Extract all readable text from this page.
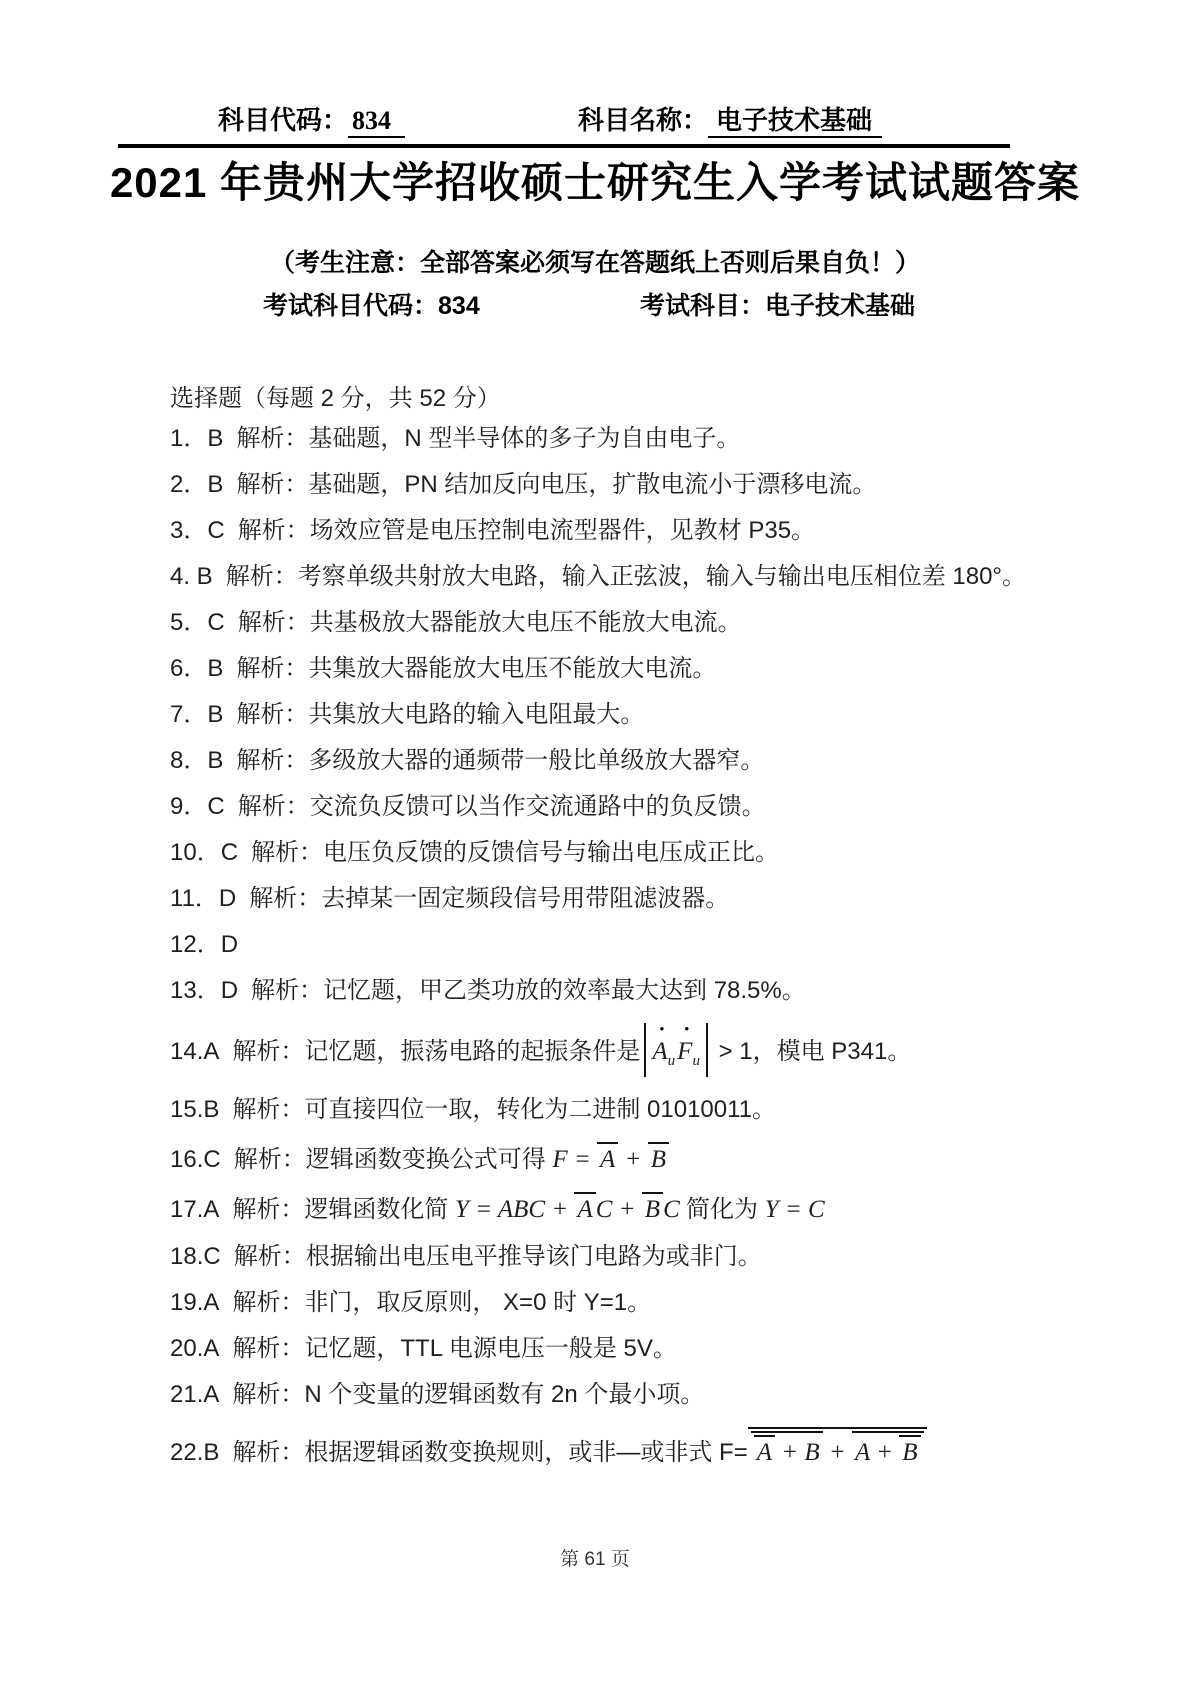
科目代码： 834	科目名称： 电子技术基础
2021 年贵州大学招收硕士研究生入学考试试题答案
（考生注意：全部答案必须写在答题纸上否则后果自负！）
考试科目代码：834	考试科目：电子技术基础
选择题（每题 2 分，共 52 分）
1．B 解析：基础题，N 型半导体的多子为自由电子。
2．B 解析：基础题，PN 结加反向电压，扩散电流小于漂移电流。
3．C 解析：场效应管是电压控制电流型器件，见教材 P35。
4. B 解析：考察单级共射放大电路，输入正弦波，输入与输出电压相位差 180°。
5．C 解析：共基极放大器能放大电压不能放大电流。
6．B 解析：共集放大器能放大电压不能放大电流。
7．B 解析：共集放大电路的输入电阻最大。
8．B 解析：多级放大器的通频带一般比单级放大器窄。
9．C 解析：交流负反馈可以当作交流通路中的负反馈。
10．C 解析：电压负反馈的反馈信号与输出电压成正比。
11．D 解析：去掉某一固定频段信号用带阻滤波器。
12．D
13．D 解析：记忆题，甲乙类功放的效率最大达到 78.5%。
14.A 解析：记忆题，振荡电路的起振条件是
•
$A_u$
•
$F_u > 1$，模电 P341。
15.B 解析：可直接四位一取，转化为二进制 01010011。
16.C 解析：逻辑函数变换公式可得 F = A + B
17.A 解析：逻辑函数化简 Y = ABC + A C + B C 简化为 Y = C
18.C 解析：根据输出电压电平推导该门电路为或非门。
19.A 解析：非门，取反原则， X=0 时 Y=1。
20.A 解析：记忆题，TTL 电源电压一般是 5V。
21.A 解析：N 个变量的逻辑函数有 2n 个最小项。
22.B 解析：根据逻辑函数变换规则，或非—或非式 F= A + B + A + B
第 61 页
